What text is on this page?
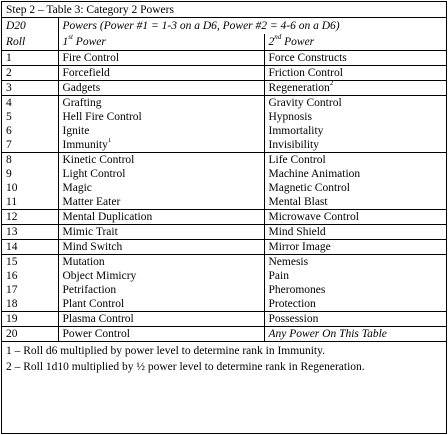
Step 2 – Table 3: Category 2 Powers
D20	Powers (Power #1 = 1-3 on a D6, Power #2 = 4-6 on a D6)	
Roll	1st Power	2nd Power
1	Fire Control	Force Constructs
2	Forcefield	Friction Control
3	Gadgets	Regeneration$^2$
4	Grafting	Gravity Control
5	Hell Fire Control	Hypnosis
6	Ignite	Immortality
7	Immunity$^1$	Invisibility
8	Kinetic Control	Life Control
9	Light Control	Machine Animation
10	Magic	Magnetic Control
11	Matter Eater	Mental Blast
12	Mental Duplication	Microwave Control
13	Mimic Trait	Mind Shield
14	Mind Switch	Mirror Image
15	Mutation	Nemesis
16	Object Mimicry	Pain
17	Petrifaction	Pheromones
18	Plant Control	Protection
19	Plasma Control	Possession
20	Power Control	Any Power On This Table
1 – Roll d6 multiplied by power level to determine rank in Immunity.
2 – Roll 1d10 multiplied by ½ power level to determine rank in Regeneration.
